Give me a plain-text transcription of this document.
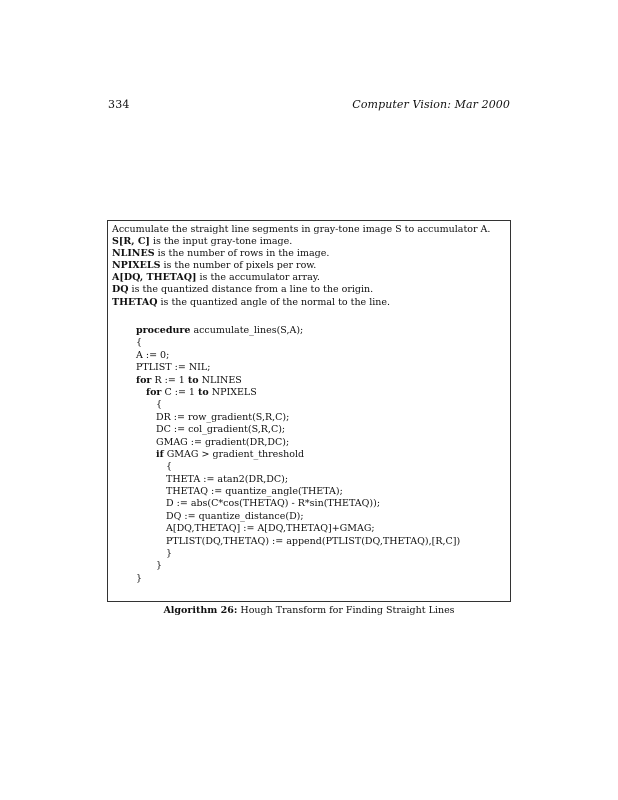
334	Computer Vision: Mar 2000
Accumulate the straight line segments in gray-tone image S to accumulator A.
S[R, C] is the input gray-tone image.
NLINES is the number of rows in the image.
NPIXELS is the number of pixels per row.
A[DQ, THETAQ] is the accumulator array.
DQ is the quantized distance from a line to the origin.
THETAQ is the quantized angle of the normal to the line.
procedure accumulate_lines(S,A);
{
A := 0;
PTLIST := NIL;
for R := 1 to NLINES
for C := 1 to NPIXELS
{
DR := row_gradient(S,R,C);
DC := col_gradient(S,R,C);
GMAG := gradient(DR,DC);
if GMAG > gradient_threshold
{
THETA := atan2(DR,DC);
THETAQ := quantize_angle(THETA);
D := abs(C*cos(THETAQ) - R*sin(THETAQ));
DQ := quantize_distance(D);
A[DQ,THETAQ] := A[DQ,THETAQ]+GMAG;
PTLIST(DQ,THETAQ) := append(PTLIST(DQ,THETAQ),[R,C])
}
}
}
Algorithm 26: Hough Transform for Finding Straight Lines
